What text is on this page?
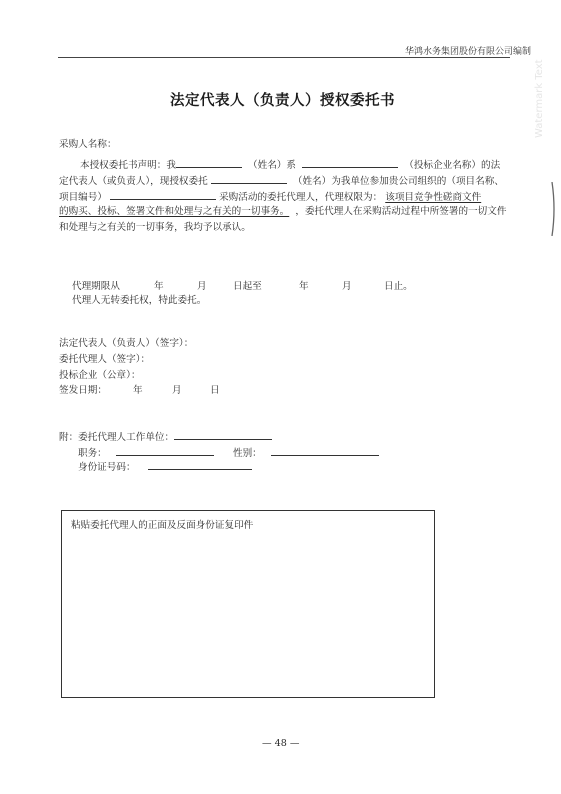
华鸿水务集团股份有限公司编制
Watermark Text
法定代表人（负责人）授权委托书
采购人名称：
本授权委托书声明：我	（姓名）系	（投标企业名称）的法
定代表人（或负责人），现授权委托	（姓名）为我单位参加贵公司组织的（项目名称、
项目编号）	采购活动的委托代理人，代理权限为： 该项目竞争性磋商文件
的购买、投标、签署文件和处理与之有关的一切事务。 ，委托代理人在采购活动过程中所签署的一切文件
和处理与之有关的一切事务，我均予以承认。
代理期限从	年	月	日起至	年	月	日止。
代理人无转委托权，特此委托。
法定代表人（负责人）（签字）：
委托代理人（签字）：
投标企业（公章）：
签发日期：	年	月	日
附：委托代理人工作单位：
职务：	性别：
身份证号码：
粘贴委托代理人的正面及反面身份证复印件
— 48 —
